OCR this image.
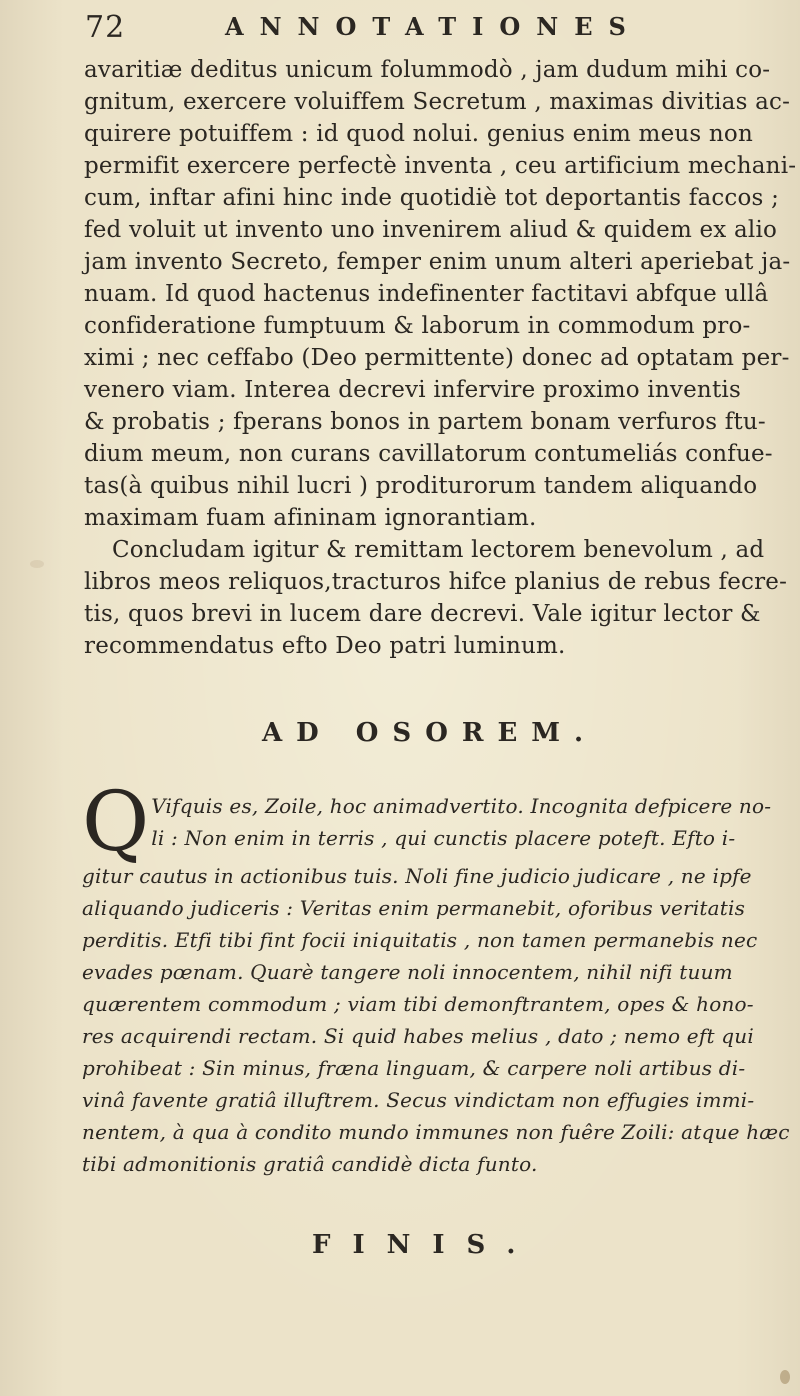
72	ANNOTATIONES
avaritiæ deditus unicum folummodò , jam dudum mihi co-
gnitum, exercere voluiffem Secretum , maximas divitias ac-
quirere potuiffem : id quod nolui. genius enim meus non
permifit exercere perfectè inventa , ceu artificium mechani-
cum, inftar afini hinc inde quotidiè tot deportantis faccos ;
fed voluit ut invento uno invenirem aliud & quidem ex alio
jam invento Secreto, femper enim unum alteri aperiebat ja-
nuam. Id quod hactenus indefinenter factitavi abfque ullâ
confideratione fumptuum & laborum in commodum pro-
ximi ; nec ceffabo (Deo permittente) donec ad optatam per-
venero viam. Interea decrevi infervire proximo inventis
& probatis ; fperans bonos in partem bonam verfuros ftu-
dium meum, non curans cavillatorum contumeliás confue-
tas(à quibus nihil lucri ) proditurorum tandem aliquando
maximam fuam afininam ignorantiam.
Concludam igitur & remittam lectorem benevolum , ad
libros meos reliquos,tracturos hifce planius de rebus fecre-
tis, quos brevi in lucem dare decrevi. Vale igitur lector &
recommendatus efto Deo patri luminum.
AD OSOREM.
Q Vifquis es, Zoile, hoc animadvertito. Incognita defpicere no-
li : Non enim in terris , qui cunctis placere poteft. Efto i-
gitur cautus in actionibus tuis. Noli fine judicio judicare , ne ipfe
aliquando judiceris : Veritas enim permanebit, oforibus veritatis
perditis. Etfi tibi fint focii iniquitatis , non tamen permanebis nec
evades pœnam. Quarè tangere noli innocentem, nihil nifi tuum
quærentem commodum ; viam tibi demonftrantem, opes & hono-
res acquirendi rectam. Si quid habes melius , dato ; nemo eft qui
prohibeat : Sin minus, fræna linguam, & carpere noli artibus di-
vinâ favente gratiâ illuftrem. Secus vindictam non effugies immi-
nentem, à qua à condito mundo immunes non fuêre Zoili: atque hæc
tibi admonitionis gratiâ candidè dicta funto.
FINIS.
